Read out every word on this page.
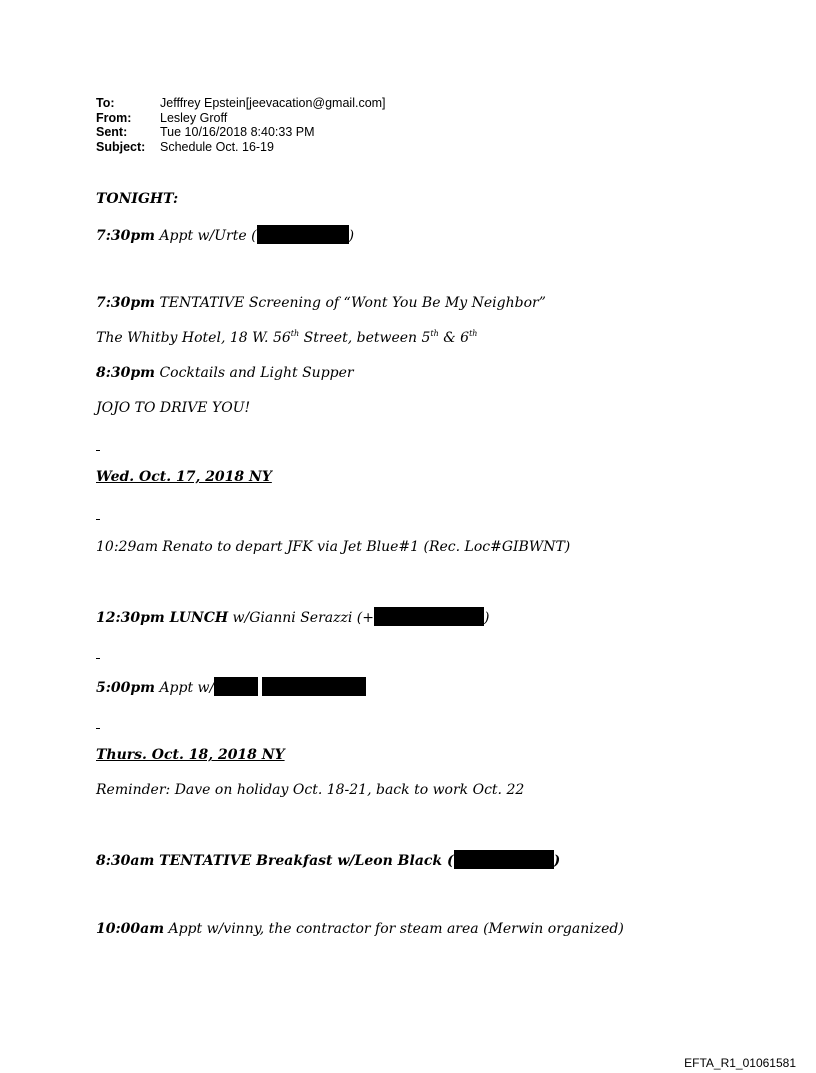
To:	Jefffrey Epstein[jeevacation@gmail.com]
From:	Lesley Groff
Sent:	Tue 10/16/2018 8:40:33 PM
Subject:	Schedule Oct. 16-19
TONIGHT:
7:30pm Appt w/Urte (	)
7:30pm TENTATIVE Screening of “Wont You Be My Neighbor”
The Whitby Hotel, 18 W. 56th Street, between 5th & 6th
8:30pm Cocktails and Light Supper
JOJO TO DRIVE YOU!
Wed. Oct. 17, 2018 NY
10:29am Renato to depart JFK via Jet Blue#1 (Rec. Loc#GIBWNT)
12:30pm LUNCH w/Gianni Serazzi (+	)
5:00pm Appt w/
Thurs. Oct. 18, 2018 NY
Reminder: Dave on holiday Oct. 18-21, back to work Oct. 22
8:30am TENTATIVE Breakfast w/Leon Black (	)
10:00am Appt w/vinny, the contractor for steam area (Merwin organized)
EFTA_R1_01061581
